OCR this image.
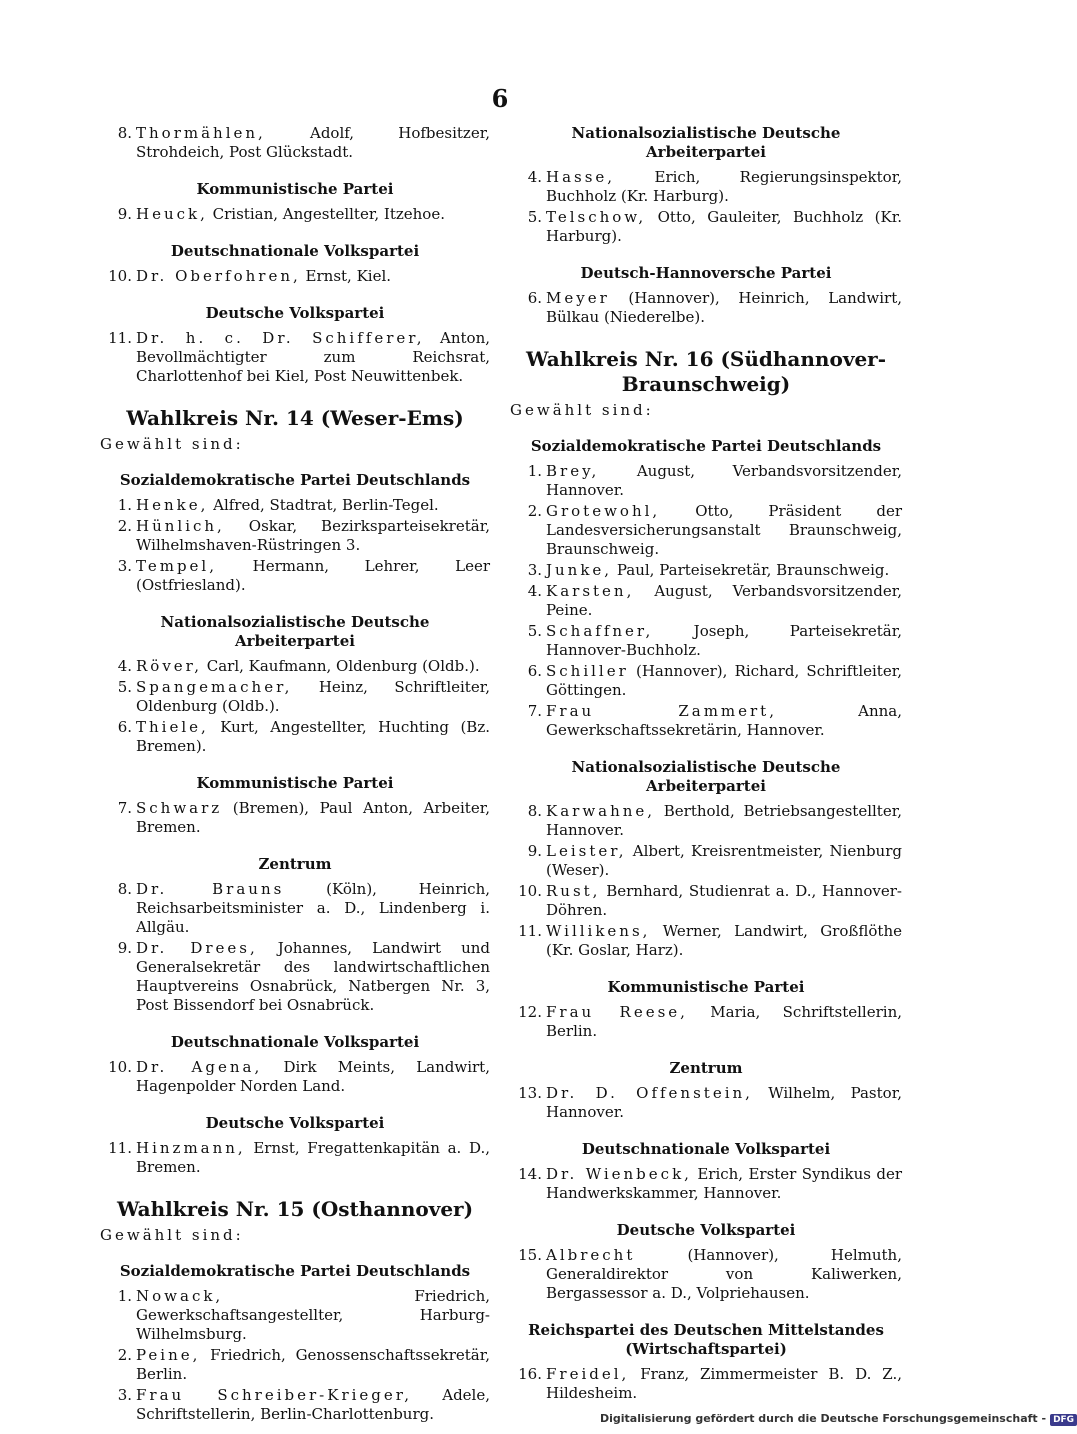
6
8. Thormählen, Adolf, Hofbesitzer, Strohdeich, Post Glückstadt.
Kommunistische Partei
9. Heuck, Cristian, Angestellter, Itzehoe.
Deutschnationale Volkspartei
10. Dr. Oberfohren, Ernst, Kiel.
Deutsche Volkspartei
11. Dr. h. c. Dr. Schifferer, Anton, Bevollmächtigter zum Reichsrat, Charlottenhof bei Kiel, Post Neuwittenbek.
Wahlkreis Nr. 14 (Weser-Ems)
Gewählt sind:
Sozialdemokratische Partei Deutschlands
1. Henke, Alfred, Stadtrat, Berlin-Tegel.
2. Hünlich, Oskar, Bezirksparteisekretär, Wilhelmshaven-Rüstringen 3.
3. Tempel, Hermann, Lehrer, Leer (Ostfriesland).
Nationalsozialistische Deutsche Arbeiterpartei
4. Röver, Carl, Kaufmann, Oldenburg (Oldb.).
5. Spangemacher, Heinz, Schriftleiter, Oldenburg (Oldb.).
6. Thiele, Kurt, Angestellter, Huchting (Bz. Bremen).
Kommunistische Partei
7. Schwarz (Bremen), Paul Anton, Arbeiter, Bremen.
Zentrum
8. Dr. Brauns (Köln), Heinrich, Reichsarbeitsminister a. D., Lindenberg i. Allgäu.
9. Dr. Drees, Johannes, Landwirt und Generalsekretär des landwirtschaftlichen Hauptvereins Osnabrück, Natbergen Nr. 3, Post Bissendorf bei Osnabrück.
Deutschnationale Volkspartei
10. Dr. Agena, Dirk Meints, Landwirt, Hagenpolder Norden Land.
Deutsche Volkspartei
11. Hinzmann, Ernst, Fregattenkapitän a. D., Bremen.
Wahlkreis Nr. 15 (Osthannover)
Gewählt sind:
Sozialdemokratische Partei Deutschlands
1. Nowack, Friedrich, Gewerkschaftsangestellter, Harburg-Wilhelmsburg.
2. Peine, Friedrich, Genossenschaftssekretär, Berlin.
3. Frau Schreiber-Krieger, Adele, Schriftstellerin, Berlin-Charlottenburg.
Nationalsozialistische Deutsche Arbeiterpartei
4. Hasse, Erich, Regierungsinspektor, Buchholz (Kr. Harburg).
5. Telschow, Otto, Gauleiter, Buchholz (Kr. Harburg).
Deutsch-Hannoversche Partei
6. Meyer (Hannover), Heinrich, Landwirt, Bülkau (Niederelbe).
Wahlkreis Nr. 16 (Südhannover-Braunschweig)
Gewählt sind:
Sozialdemokratische Partei Deutschlands
1. Brey, August, Verbandsvorsitzender, Hannover.
2. Grotewohl, Otto, Präsident der Landesversicherungsanstalt Braunschweig, Braunschweig.
3. Junke, Paul, Parteisekretär, Braunschweig.
4. Karsten, August, Verbandsvorsitzender, Peine.
5. Schaffner, Joseph, Parteisekretär, Hannover-Buchholz.
6. Schiller (Hannover), Richard, Schriftleiter, Göttingen.
7. Frau Zammert, Anna, Gewerkschaftssekretärin, Hannover.
Nationalsozialistische Deutsche Arbeiterpartei
8. Karwahne, Berthold, Betriebsangestellter, Hannover.
9. Leister, Albert, Kreisrentmeister, Nienburg (Weser).
10. Rust, Bernhard, Studienrat a. D., Hannover-Döhren.
11. Willikens, Werner, Landwirt, Großflöthe (Kr. Goslar, Harz).
Kommunistische Partei
12. Frau Reese, Maria, Schriftstellerin, Berlin.
Zentrum
13. Dr. D. Offenstein, Wilhelm, Pastor, Hannover.
Deutschnationale Volkspartei
14. Dr. Wienbeck, Erich, Erster Syndikus der Handwerkskammer, Hannover.
Deutsche Volkspartei
15. Albrecht (Hannover), Helmuth, Generaldirektor von Kaliwerken, Bergassessor a. D., Volpriehausen.
Reichspartei des Deutschen Mittelstandes (Wirtschaftspartei)
16. Freidel, Franz, Zimmermeister B. D. Z., Hildesheim.
Digitalisierung gefördert durch die Deutsche Forschungsgemeinschaft - DFG
